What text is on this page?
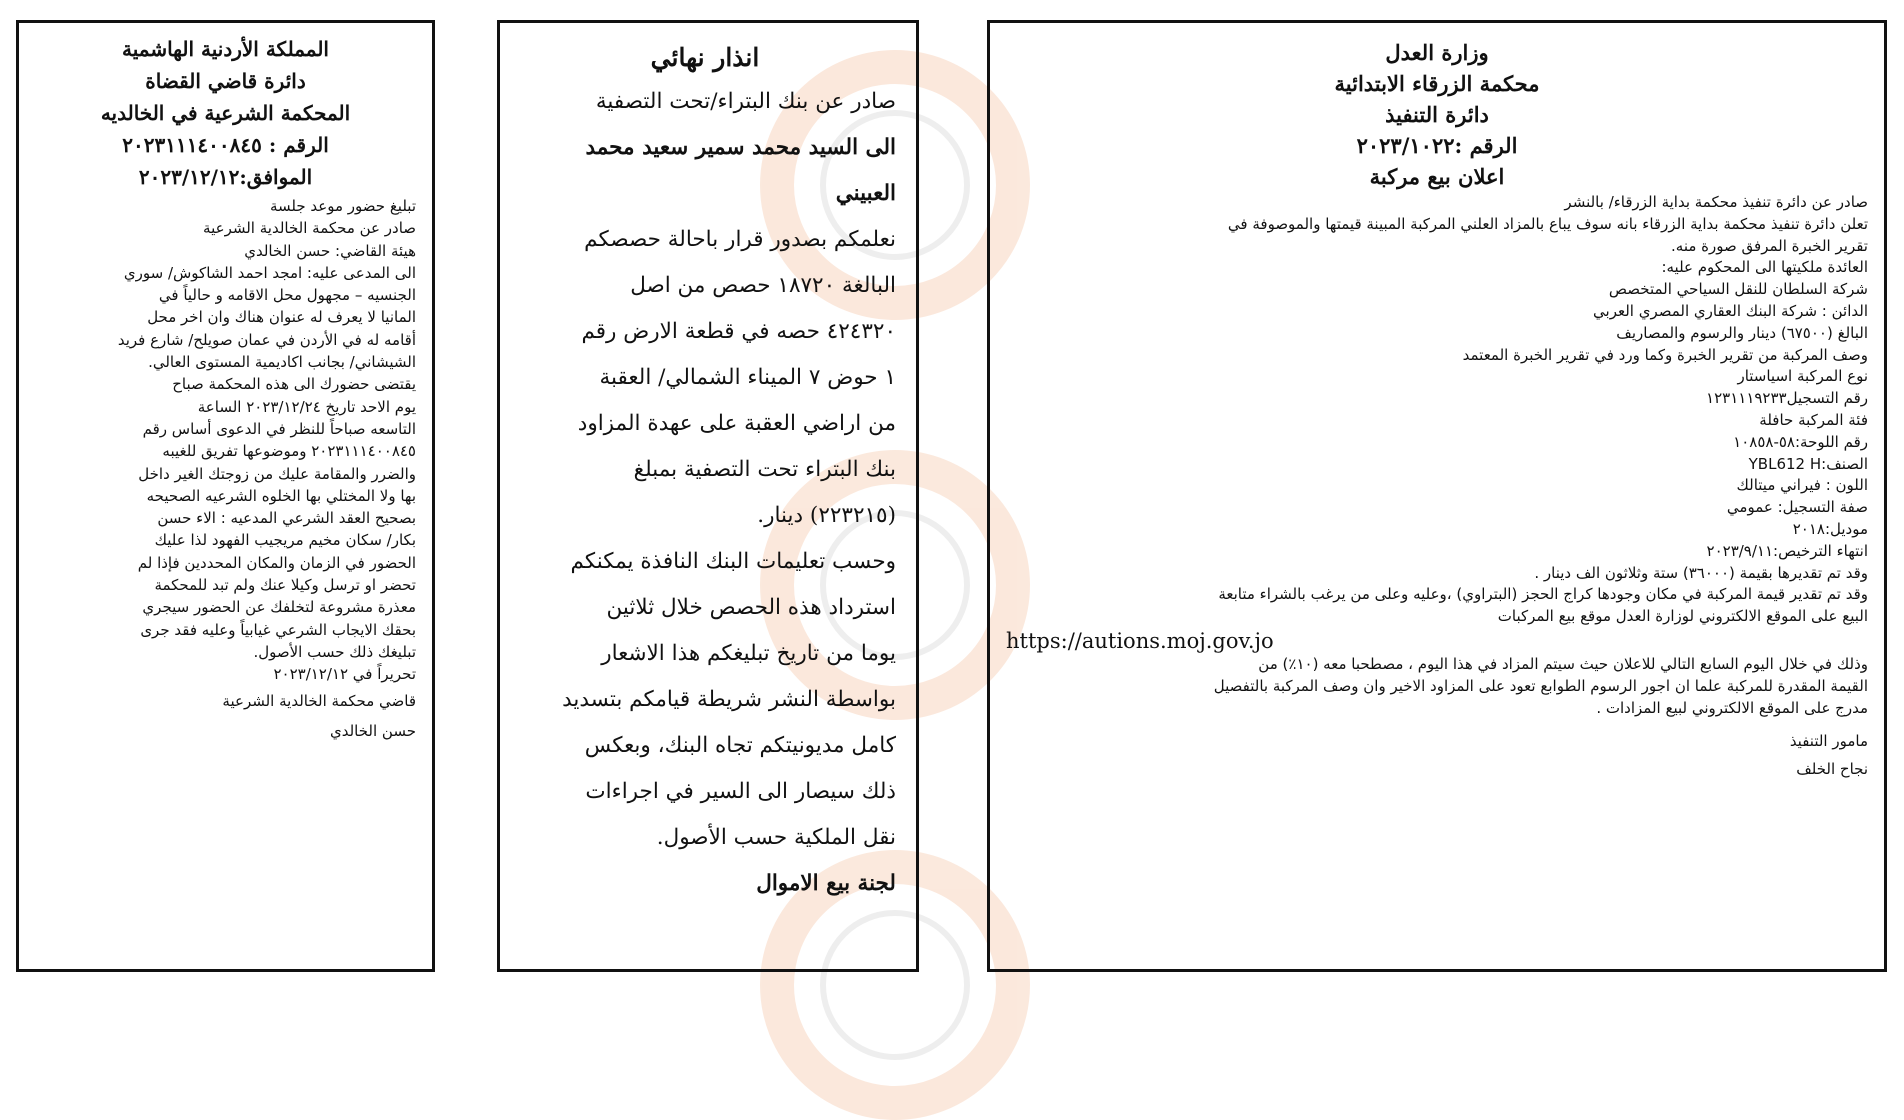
المملكة الأردنية الهاشمية
دائرة قاضي القضاة
المحكمة الشرعية في الخالديه
الرقم : ٢٠٢٣١١١٤٠٠٨٤٥
الموافق:٢٠٢٣/١٢/١٢
تبليغ حضور موعد جلسة
صادر عن محكمة الخالدية الشرعية
هيئة القاضي: حسن الخالدي
الى المدعى عليه: امجد احمد الشاكوش/ سوري
الجنسيه – مجهول محل الاقامه و حالياً في
المانيا لا يعرف له عنوان هناك وان اخر محل
أقامه له في الأردن في عمان صويلح/ شارع فريد
الشيشاني/ بجانب اكاديمية المستوى العالي.
يقتضى حضورك الى هذه المحكمة صباح
يوم الاحد تاريخ ٢٠٢٣/١٢/٢٤ الساعة
التاسعه صباحاً للنظر في الدعوى أساس رقم
٢٠٢٣١١١٤٠٠٨٤٥ وموضوعها تفريق للغيبه
والضرر والمقامة عليك من زوجتك الغير داخل
بها ولا المختلي بها الخلوه الشرعيه الصحيحه
بصحيح العقد الشرعي المدعيه : الاء حسن
بكار/ سكان مخيم مريجيب الفهود لذا عليك
الحضور في الزمان والمكان المحددين فإذا لم
تحضر او ترسل وكيلا عنك ولم تبد للمحكمة
معذرة مشروعة لتخلفك عن الحضور سيجري
بحقك الايجاب الشرعي غيابياً وعليه فقد جرى
تبليغك ذلك حسب الأصول.
تحريراً في ٢٠٢٣/١٢/١٢
قاضي محكمة الخالدية الشرعية
حسن الخالدي
انذار نهائي
صادر عن بنك البتراء/تحت التصفية
الى السيد محمد سمير سعيد محمد
العبيني
نعلمكم بصدور قرار باحالة حصصكم
البالغة ١٨٧٢٠ حصص من اصل
٤٢٤٣٢٠ حصه في قطعة الارض رقم
١ حوض ٧ الميناء الشمالي/ العقبة
من اراضي العقبة على عهدة المزاود
بنك البتراء تحت التصفية بمبلغ
(٢٢٣٢١٥) دينار.
وحسب تعليمات البنك النافذة يمكنكم
استرداد هذه الحصص خلال ثلاثين
يوما من تاريخ تبليغكم هذا الاشعار
بواسطة النشر شريطة قيامكم بتسديد
كامل مديونيتكم تجاه البنك، وبعكس
ذلك سيصار الى السير في اجراءات
نقل الملكية حسب الأصول.
لجنة بيع الاموال
وزارة العدل
محكمة الزرقاء الابتدائية
دائرة التنفيذ
الرقم :٢٠٢٣/١٠٢٢
اعلان بيع مركبة
صادر عن دائرة تنفيذ محكمة بداية الزرقاء/ بالنشر
تعلن دائرة تنفيذ محكمة بداية الزرقاء بانه سوف يباع بالمزاد العلني المركبة المبينة قيمتها والموصوفة في
تقرير الخبرة المرفق صورة منه.
العائدة ملكيتها الى المحكوم عليه:
شركة السلطان للنقل السياحي المتخصص
الدائن : شركة البنك العقاري المصري العربي
البالغ (٦٧٥٠٠) دينار والرسوم والمصاريف
وصف المركبة من تقرير الخبرة وكما ورد في تقرير الخبرة المعتمد
نوع المركبة اسياستار
رقم التسجيل١٢٣١١١٩٢٣٣
فئة المركبة حافلة
رقم اللوحة:٥٨-١٠٨٥٨
الصنف:YBL612 H
اللون : فيراني ميتالك
صفة التسجيل: عمومي
موديل:٢٠١٨
انتهاء الترخيص:٢٠٢٣/٩/١١
وقد تم تقديرها بقيمة (٣٦٠٠٠) ستة وثلاثون الف دينار .
وقد تم تقدير قيمة المركبة في مكان وجودها كراج الحجز (البتراوي) ،وعليه وعلى من يرغب بالشراء متابعة
البيع على الموقع الالكتروني لوزارة العدل موقع بيع المركبات
https://autions.moj.gov.jo
وذلك في خلال اليوم السابع التالي للاعلان حيث سيتم المزاد في هذا اليوم ، مصطحبا معه (١٠٪) من
القيمة المقدرة للمركبة علما ان اجور الرسوم الطوابع تعود على المزاود الاخير وان وصف المركبة بالتفصيل
مدرج على الموقع الالكتروني لبيع المزادات .
مامور التنفيذ
نجاح الخلف
